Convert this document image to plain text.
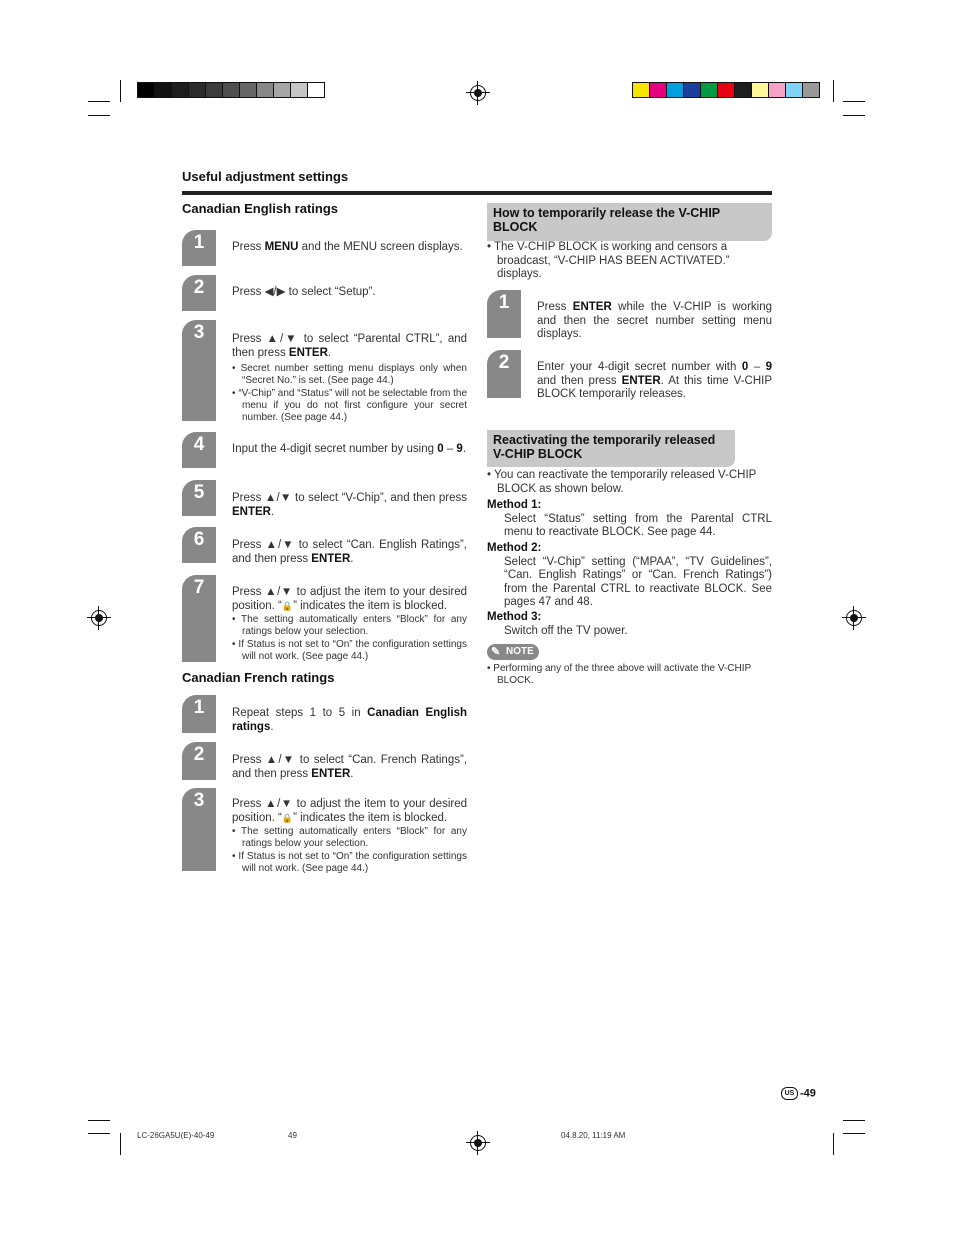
Useful adjustment settings
Canadian English ratings
1	Press MENU and the MENU screen displays.
2	Press ◀/▶ to select “Setup”.
3	Press ▲/▼ to select “Parental CTRL”, and then press ENTER.
• Secret number setting menu displays only when “Secret No.” is set. (See page 44.)
• “V-Chip” and “Status” will not be selectable from the menu if you do not first configure your secret number. (See page 44.)
4	Input the 4-digit secret number by using 0 – 9.
5	Press ▲/▼ to select “V-Chip”, and then press ENTER.
6	Press ▲/▼ to select “Can. English Ratings”, and then press ENTER.
7	Press ▲/▼ to adjust the item to your desired position. “🔒” indicates the item is blocked.
• The setting automatically enters “Block” for any ratings below your selection.
• If Status is not set to “On” the configuration settings will not work. (See page 44.)
Canadian French ratings
1	Repeat steps 1 to 5 in Canadian English ratings.
2	Press ▲/▼ to select “Can. French Ratings”, and then press ENTER.
3	Press ▲/▼ to adjust the item to your desired position. “🔒” indicates the item is blocked.
• The setting automatically enters “Block” for any ratings below your selection.
• If Status is not set to “On” the configuration settings will not work. (See page 44.)
How to temporarily release the V-CHIP BLOCK
• The V-CHIP BLOCK is working and censors a broadcast, “V-CHIP HAS BEEN ACTIVATED.” displays.
1	Press ENTER while the V-CHIP is working and then the secret number setting menu displays.
2	Enter your 4-digit secret number with 0 – 9 and then press ENTER. At this time V-CHIP BLOCK temporarily releases.
Reactivating the temporarily released V-CHIP BLOCK
• You can reactivate the temporarily released V-CHIP BLOCK as shown below.
Method 1:
Select “Status” setting from the Parental CTRL menu to reactivate BLOCK. See page 44.
Method 2:
Select “V-Chip” setting (“MPAA”, “TV Guidelines”, “Can. English Ratings” or “Can. French Ratings”) from the Parental CTRL to reactivate BLOCK. See pages 47 and 48.
Method 3:
Switch off the TV power.
✎ NOTE
• Performing any of the three above will activate the V-CHIP BLOCK.
US -49
LC-26GA5U(E)-40-49	49	04.8.20, 11:19 AM
